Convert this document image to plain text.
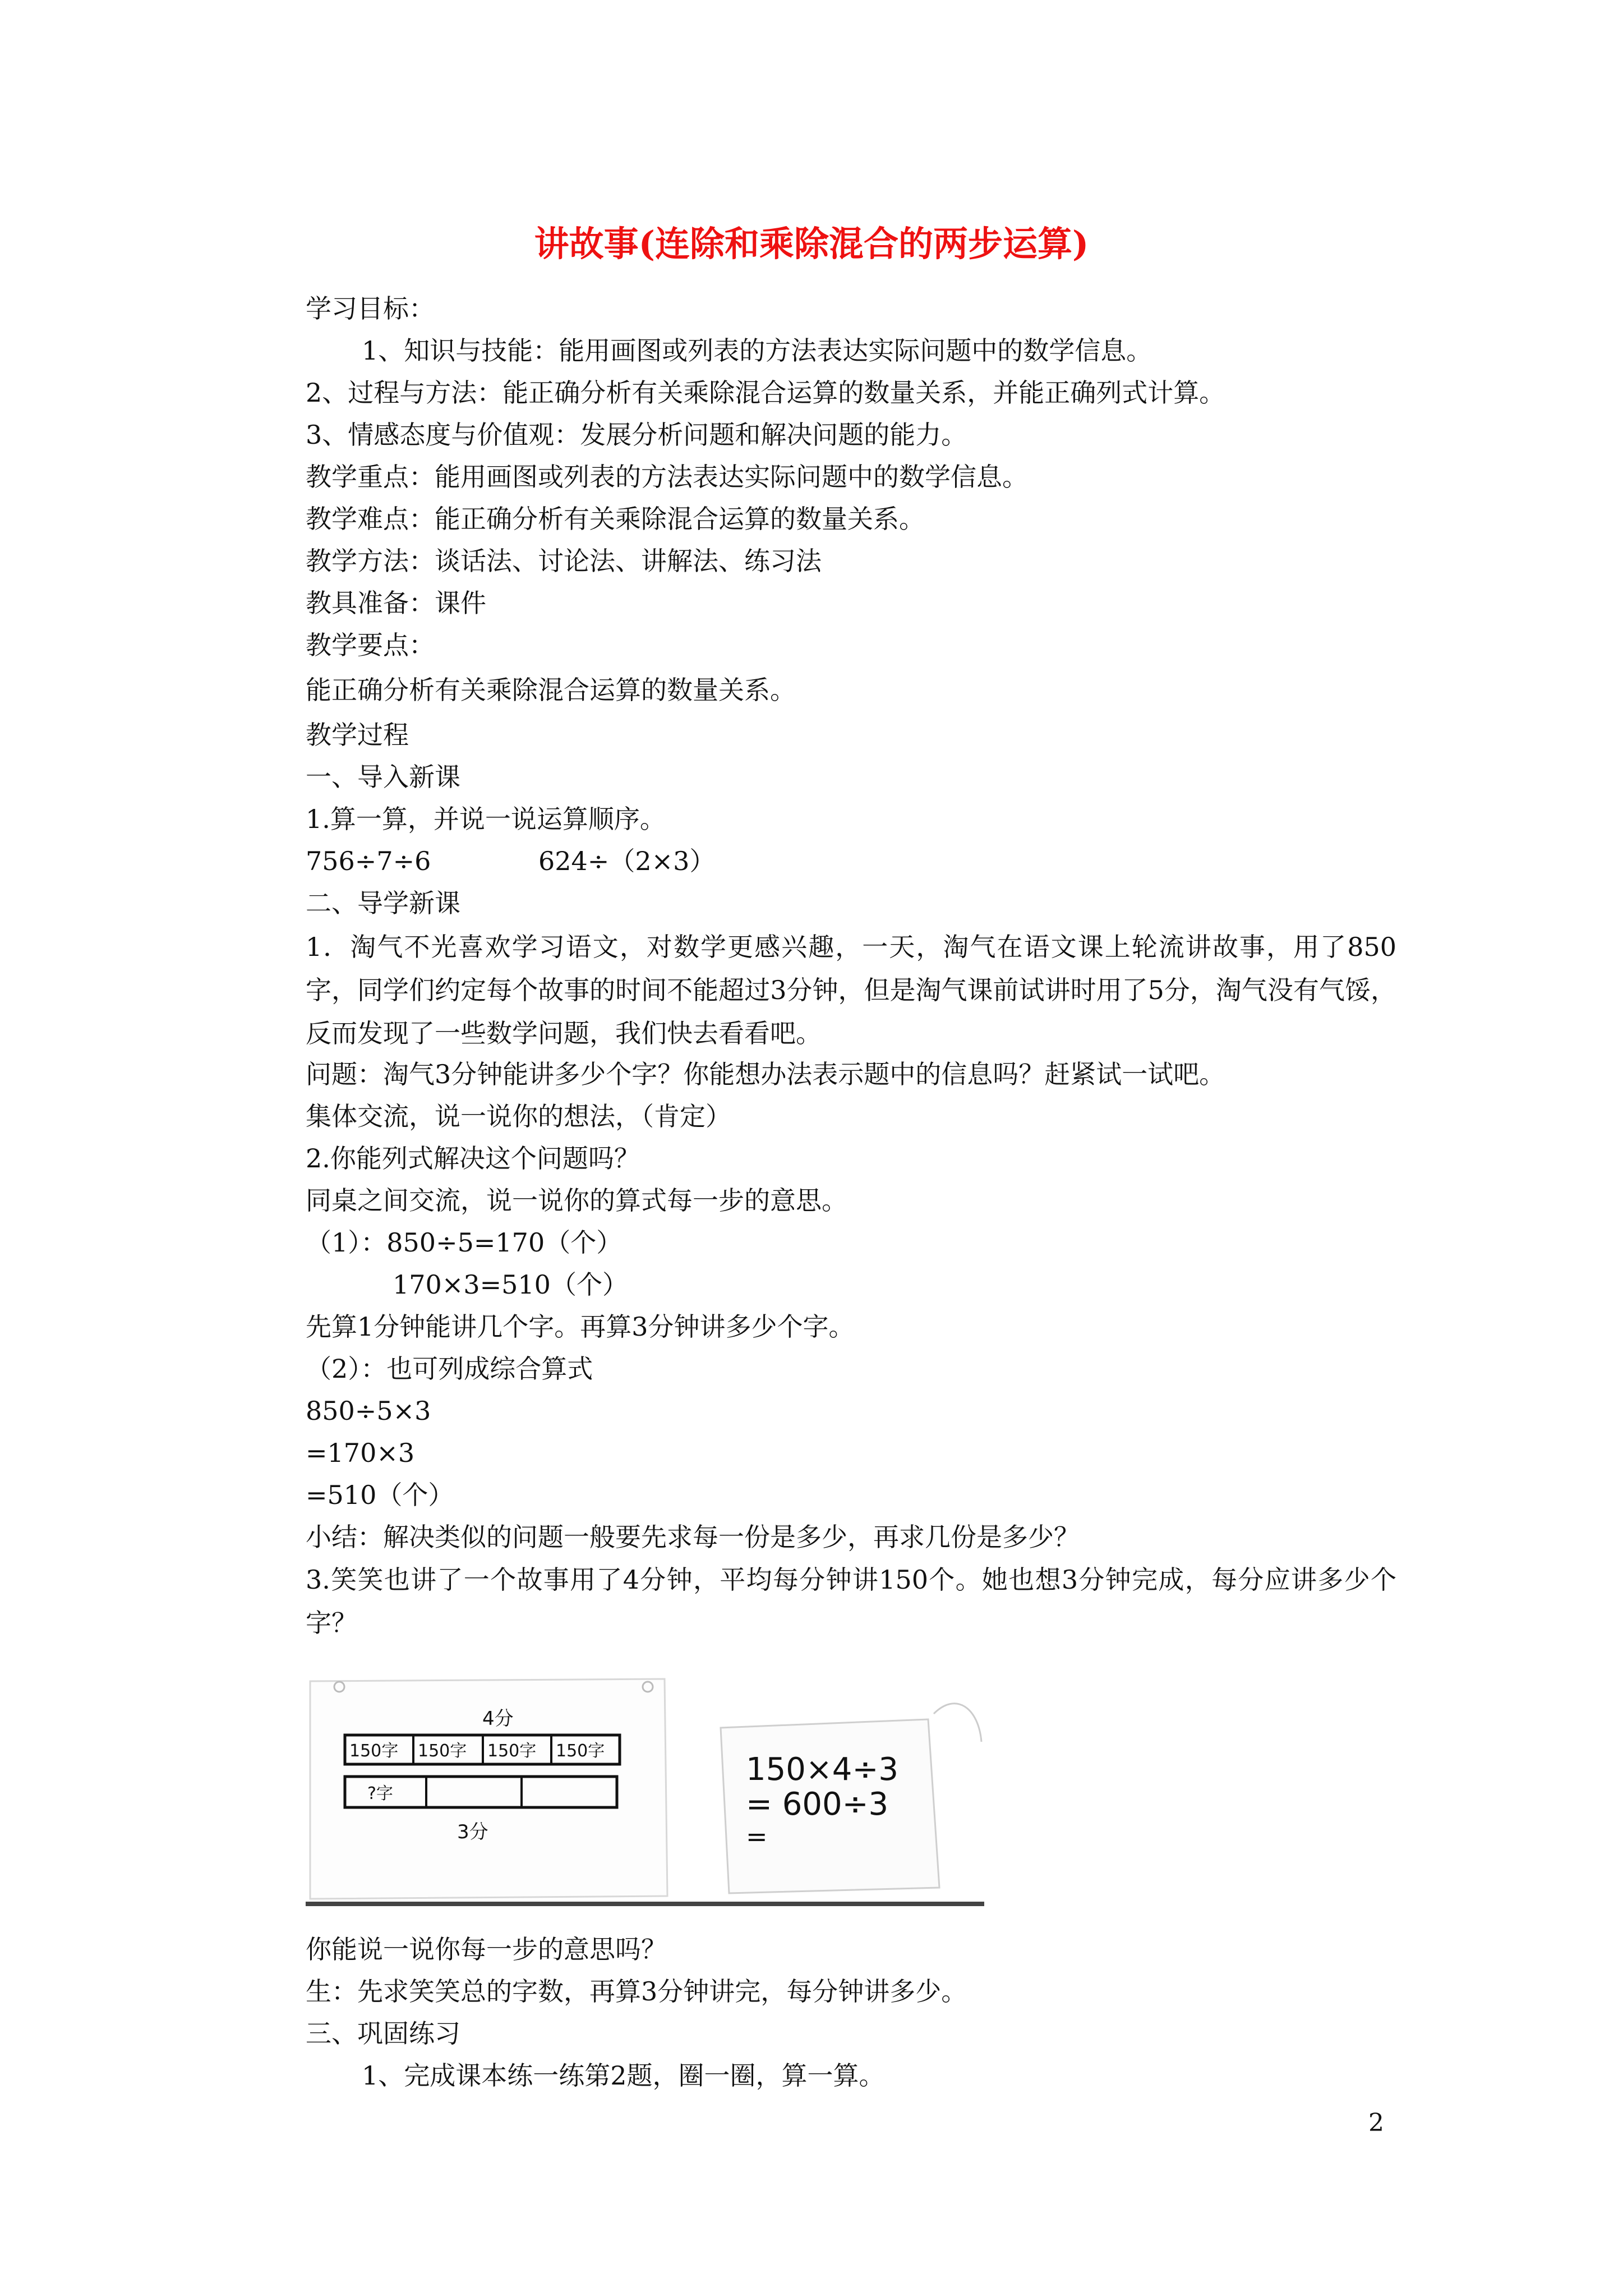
讲故事(连除和乘除混合的两步运算)
学习目标：
1、知识与技能：能用画图或列表的方法表达实际问题中的数学信息。
2、过程与方法：能正确分析有关乘除混合运算的数量关系，并能正确列式计算。
3、情感态度与价值观：发展分析问题和解决问题的能力。
教学重点：能用画图或列表的方法表达实际问题中的数学信息。
教学难点：能正确分析有关乘除混合运算的数量关系。
教学方法：谈话法、讨论法、讲解法、练习法
教具准备：课件
教学要点：
能正确分析有关乘除混合运算的数量关系。
教学过程
一、导入新课
1.算一算，并说一说运算顺序。
756÷7÷6	624÷（2×3）
二、导学新课
1．淘气不光喜欢学习语文，对数学更感兴趣，一天，淘气在语文课上轮流讲故事，用了850字，同学们约定每个故事的时间不能超过3分钟，但是淘气课前试讲时用了5分，淘气没有气馁，反而发现了一些数学问题，我们快去看看吧。
问题：淘气3分钟能讲多少个字？你能想办法表示题中的信息吗？赶紧试一试吧。
集体交流，说一说你的想法，（肯定）
2.你能列式解决这个问题吗？
同桌之间交流，说一说你的算式每一步的意思。
（1）：850÷5=170（个）
170×3=510（个）
先算1分钟能讲几个字。再算3分钟讲多少个字。
（2）：也可列成综合算式
850÷5×3
=170×3
=510（个）
小结：解决类似的问题一般要先求每一份是多少，再求几份是多少？
3.笑笑也讲了一个故事用了4分钟，平均每分钟讲150个。她也想3分钟完成，每分应讲多少个字？
4分
150字 150字 150字 150字
?字
3分
150×4÷3
= 600÷3
=
你能说一说你每一步的意思吗？
生：先求笑笑总的字数，再算3分钟讲完，每分钟讲多少。
三、巩固练习
1、完成课本练一练第2题，圈一圈，算一算。
2
